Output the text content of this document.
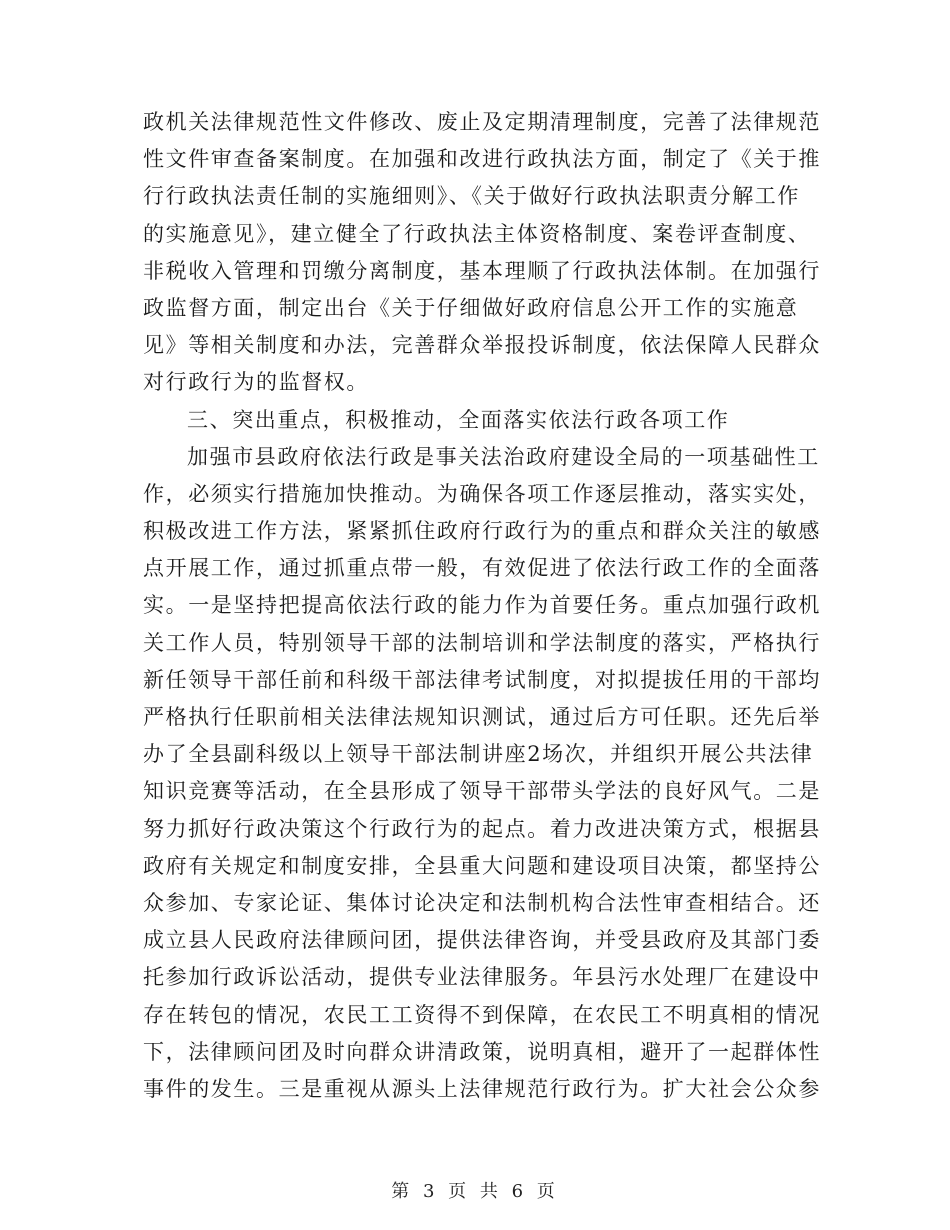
政机关法律规范性文件修改、废止及定期清理制度，完善了法律规范
性文件审查备案制度。在加强和改进行政执法方面，制定了《关于推
行行政执法责任制的实施细则》、《关于做好行政执法职责分解工作
的实施意见》，建立健全了行政执法主体资格制度、案卷评查制度、
非税收入管理和罚缴分离制度，基本理顺了行政执法体制。在加强行
政监督方面，制定出台《关于仔细做好政府信息公开工作的实施意
见》等相关制度和办法，完善群众举报投诉制度，依法保障人民群众
对行政行为的监督权。
三、突出重点，积极推动，全面落实依法行政各项工作
加强市县政府依法行政是事关法治政府建设全局的一项基础性工
作，必须实行措施加快推动。为确保各项工作逐层推动，落实实处，
积极改进工作方法，紧紧抓住政府行政行为的重点和群众关注的敏感
点开展工作，通过抓重点带一般，有效促进了依法行政工作的全面落
实。一是坚持把提高依法行政的能力作为首要任务。重点加强行政机
关工作人员，特别领导干部的法制培训和学法制度的落实，严格执行
新任领导干部任前和科级干部法律考试制度，对拟提拔任用的干部均
严格执行任职前相关法律法规知识测试，通过后方可任职。还先后举
办了全县副科级以上领导干部法制讲座2场次，并组织开展公共法律
知识竞赛等活动，在全县形成了领导干部带头学法的良好风气。二是
努力抓好行政决策这个行政行为的起点。着力改进决策方式，根据县
政府有关规定和制度安排，全县重大问题和建设项目决策，都坚持公
众参加、专家论证、集体讨论决定和法制机构合法性审查相结合。还
成立县人民政府法律顾问团，提供法律咨询，并受县政府及其部门委
托参加行政诉讼活动，提供专业法律服务。年县污水处理厂在建设中
存在转包的情况，农民工工资得不到保障，在农民工不明真相的情况
下，法律顾问团及时向群众讲清政策，说明真相，避开了一起群体性
事件的发生。三是重视从源头上法律规范行政行为。扩大社会公众参
第 3 页 共 6 页
